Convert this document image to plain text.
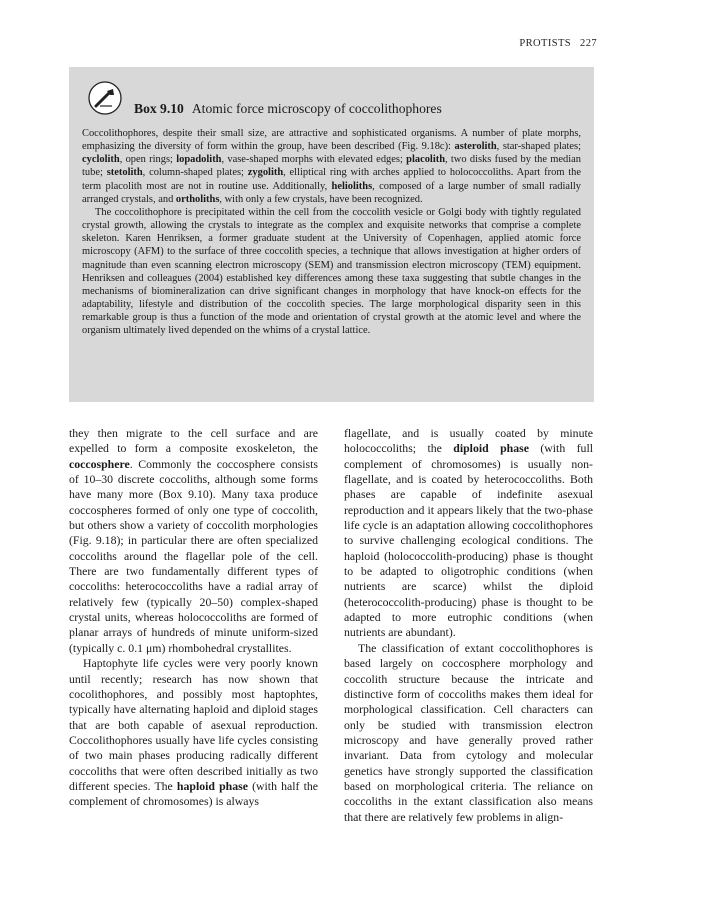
PROTISTS 227
Box 9.10 Atomic force microscopy of coccolithophores

Coccolithophores, despite their small size, are attractive and sophisticated organisms. A number of plate morphs, emphasizing the diversity of form within the group, have been described (Fig. 9.18c): asterolith, star-shaped plates; cyclolith, open rings; lopadolith, vase-shaped morphs with elevated edges; placolith, two disks fused by the median tube; stetolith, column-shaped plates; zygolith, elliptical ring with arches applied to holococcoliths. Apart from the term placolith most are not in routine use. Additionally, helioliths, composed of a large number of small radially arranged crystals, and ortholiths, with only a few crystals, have been recognized.

The coccolithophore is precipitated within the cell from the coccolith vesicle or Golgi body with tightly regulated crystal growth, allowing the crystals to integrate as the complex and exquisite networks that comprise a complete skeleton. Karen Henriksen, a former graduate student at the University of Copenhagen, applied atomic force microscopy (AFM) to the surface of three coccolith species, a technique that allows investigation at higher orders of magnitude than even scanning electron microscopy (SEM) and transmission electron microscopy (TEM) equipment. Henriksen and colleagues (2004) established key differences among these taxa suggesting that subtle changes in the mechanisms of biomineralization can drive significant changes in morphology that have knock-on effects for the adaptability, lifestyle and distribution of the coccolith species. The large morphological disparity seen in this remarkable group is thus a function of the mode and orientation of crystal growth at the atomic level and where the organism ultimately lived depended on the whims of a crystal lattice.

they then migrate to the cell surface and are expelled to form a composite exoskeleton, the coccosphere. Commonly the coccosphere consists of 10–30 discrete coccoliths, although some forms have many more (Box 9.10). Many taxa produce coccospheres formed of only one type of coccolith, but others show a variety of coccolith morphologies (Fig. 9.18); in particular there are often specialized coccoliths around the flagellar pole of the cell. There are two fundamentally different types of coccoliths: heterococcoliths have a radial array of relatively few (typically 20–50) complex-shaped crystal units, whereas holococcoliths are formed of planar arrays of hundreds of minute uniform-sized (typically c. 0.1 μm) rhombohedral crystallites.

Haptophyte life cycles were very poorly known until recently; research has now shown that cocolithophores, and possibly most haptophtes, typically have alternating haploid and diploid stages that are both capable of asexual reproduction. Coccolithophores usually have life cycles consisting of two main phases producing radically different coccoliths that were often described initially as two different species. The haploid phase (with half the complement of chromosomes) is always

flagellate, and is usually coated by minute holococcoliths; the diploid phase (with full complement of chromosomes) is usually non-flagellate, and is coated by heterococcoliths. Both phases are capable of indefinite asexual reproduction and it appears likely that the two-phase life cycle is an adaptation allowing coccolithophores to survive challenging ecological conditions. The haploid (holococcolith-producing) phase is thought to be adapted to oligotrophic conditions (when nutrients are scarce) whilst the diploid (heterococcolith-producing) phase is thought to be adapted to more eutrophic conditions (when nutrients are abundant).

The classification of extant coccolithophores is based largely on coccosphere morphology and coccolith structure because the intricate and distinctive form of coccoliths makes them ideal for morphological classification. Cell characters can only be studied with transmission electron microscopy and have generally proved rather invariant. Data from cytology and molecular genetics have strongly supported the classification based on morphological criteria. The reliance on coccoliths in the extant classification also means that there are relatively few problems in align-
